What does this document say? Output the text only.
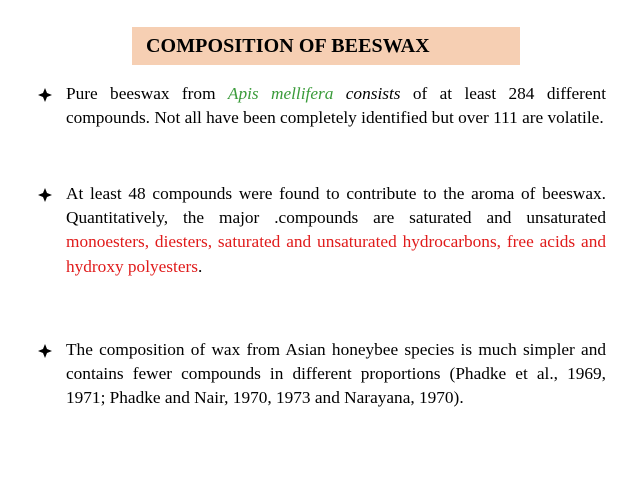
COMPOSITION OF BEESWAX
Pure beeswax from Apis mellifera consists of at least 284 different compounds. Not all have been completely identified but over 111 are volatile.
At least 48 compounds were found to contribute to the aroma of beeswax. Quantitatively, the major .compounds are saturated and unsaturated monoesters, diesters, saturated and unsaturated hydrocarbons, free acids and hydroxy polyesters.
The composition of wax from Asian honeybee species is much simpler and contains fewer compounds in different proportions (Phadke et al., 1969, 1971; Phadke and Nair, 1970, 1973 and Narayana, 1970).
